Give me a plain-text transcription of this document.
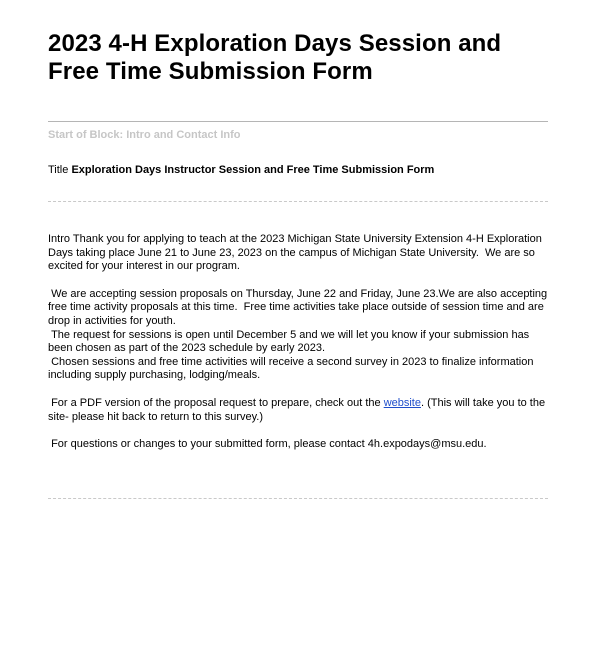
2023 4-H Exploration Days Session and Free Time Submission Form
Start of Block: Intro and Contact Info
Title Exploration Days Instructor Session and Free Time Submission Form

Intro Thank you for applying to teach at the 2023 Michigan State University Extension 4-H Exploration Days taking place June 21 to June 23, 2023 on the campus of Michigan State University.  We are so excited for your interest in our program.

We are accepting session proposals on Thursday, June 22 and Friday, June 23.We are also accepting free time activity proposals at this time.  Free time activities take place outside of session time and are drop in activities for youth.

The request for sessions is open until December 5 and we will let you know if your submission has been chosen as part of the 2023 schedule by early 2023.

Chosen sessions and free time activities will receive a second survey in 2023 to finalize information including supply purchasing, lodging/meals.

For a PDF version of the proposal request to prepare, check out the website. (This will take you to the site- please hit back to return to this survey.)

For questions or changes to your submitted form, please contact 4h.expodays@msu.edu.
